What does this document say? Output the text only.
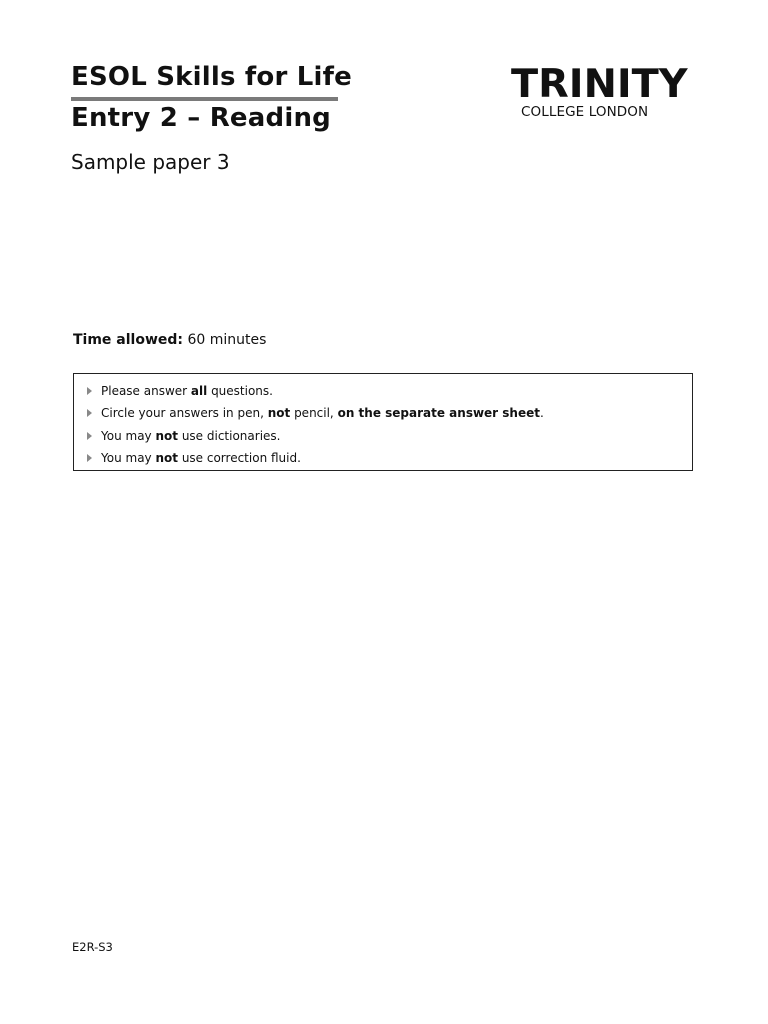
ESOL Skills for Life
Entry 2 – Reading
Sample paper 3
TRINITY
COLLEGE LONDON
Time allowed: 60 minutes
Please answer all questions.
Circle your answers in pen, not pencil, on the separate answer sheet.
You may not use dictionaries.
You may not use correction fluid.
E2R-S3
